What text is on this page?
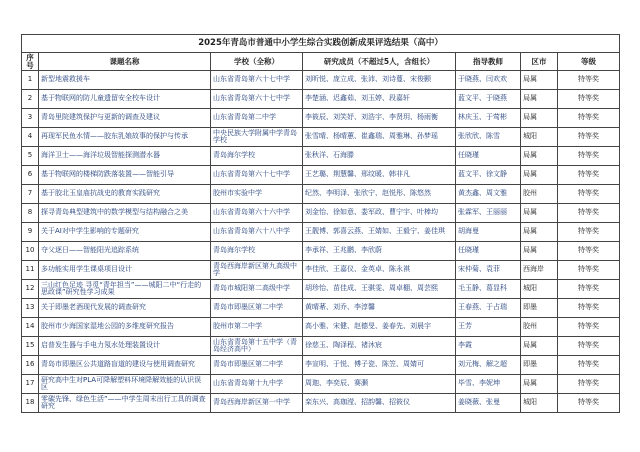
2025年青岛市普通中小学生综合实践创新成果评选结果（高中）						
序号	课题名称	学校（全称）	研究成员（不超过5人，含组长）	指导教师	区市	等级
1	新型地震救援车	山东省青岛第六十七中学	刘昕悦、庞立成、张沛、刘诗蔓、宋俊颢	于晓燕、闫欢欢	局属	特等奖
2	基于物联网的防儿童遗留安全校车设计	山东省青岛第六十七中学	李楚涵、迟鑫茹、刘玉婷、段嘉轩	蓝文平、于晓燕	局属	特等奖
3	青岛里院建筑保护与更新的调查及建议	山东省青岛第二中学	李筱辰、刘笑妤、刘浩宇、李贤玥、杨雨衡	林庆玉、于莺彬	局属	特等奖
4	再现军民鱼水情——胶东乳娘故事的保护与传承	中央民族大学附属中学青岛学校	张雪晴、杨晴蕙、崔鑫瑞、周雅琳、孙梦瑶	张欣欣、陈雪	城阳	特等奖
5	海洋卫士——海洋垃圾智能探测潜水器	青岛海尔学校	张秋洋、石海滕	任晓瑾	局属	特等奖
6	基于物联网的楼梯防跌落装置——智能引导	山东省青岛第六十七中学	王艺璐、荆慧馨、邢纹暖、韩非凡	蓝文平、徐文静	局属	特等奖
7	基于胶北玉皇庙抗战史的教育实践研究	胶州市实验中学	纪然、李明泽、张欣宁、赵悦彤、陈悠然	黄杰鑫、周文雅	胶州	特等奖
8	探寻青岛典型建筑中的数学模型与结构融合之美	山东省青岛第六十六中学	刘金怡、徐如意、娄军政、曹宁宇、叶棒均	张霖军、王丽丽	局属	特等奖
9	关于AI对中学生影响的专题研究	山东省青岛第六十八中学	王靓博、郭喜云燕、王婧如、王毅宁、姜佳琪	胡海曼	局属	特等奖
10	夺父逐日——智能阳光追踪系统	青岛海尔学校	李承祥、王兆鹏、李欣蔚	任晓瑾	局属	特等奖
11	多功能实用学生课桌项目设计	青岛西海岸新区第九高级中学	李佳欣、王嘉仪、金英卓、陈永祺	宋仲菊、袁菲	西海岸	特等奖
12	三山红色足迹 寻觅“青年担当”——城阳二中“行走的思政课”研究性学习成果	青岛市城阳第二高级中学	胡珍怡、苗佳成、王骐雯、周卓棚、周芸熙	毛玉静、葛显科	城阳	特等奖
13	关于即墨老酒现代发展的调查研究	青岛市即墨区第二中学	黄晴莃、刘乔、李淳馨	王春燕、于占瑞	即墨	特等奖
14	胶州市少海国家湿地公园的多维度研究报告	胶州市第二中学	高小雅、宋健、赵德旻、姜春先、刘晨宇	王芳	胶州	特等奖
15	启普发生器与手电力氖水处理装置设计	山东省青岛第十五中学（青岛经济高中）	徐慈玉、陶泽程、褚沐宸	李霞	局属	特等奖
16	青岛市即墨区公共道路盲道的建设与使用调查研究	青岛市即墨区第二中学	李宣明、于悦、傅子瓷、陈笠、周婧可	刘元梅、解之超	即墨	特等奖
17	研究高中生对PLA可降解塑料环境降解效能的认识误区	山东省青岛第十九中学	周迦、李奕辰、赛灏	毕雪、李妮坤	局属	特等奖
18	零碳先锋、绿色生活”——中学生周末出行工具的调查研究	青岛西海岸新区第一中学	栾东兴、高珈滢、招韵馨、招筱仪	姜晓薇、张曼	城阳	特等奖
